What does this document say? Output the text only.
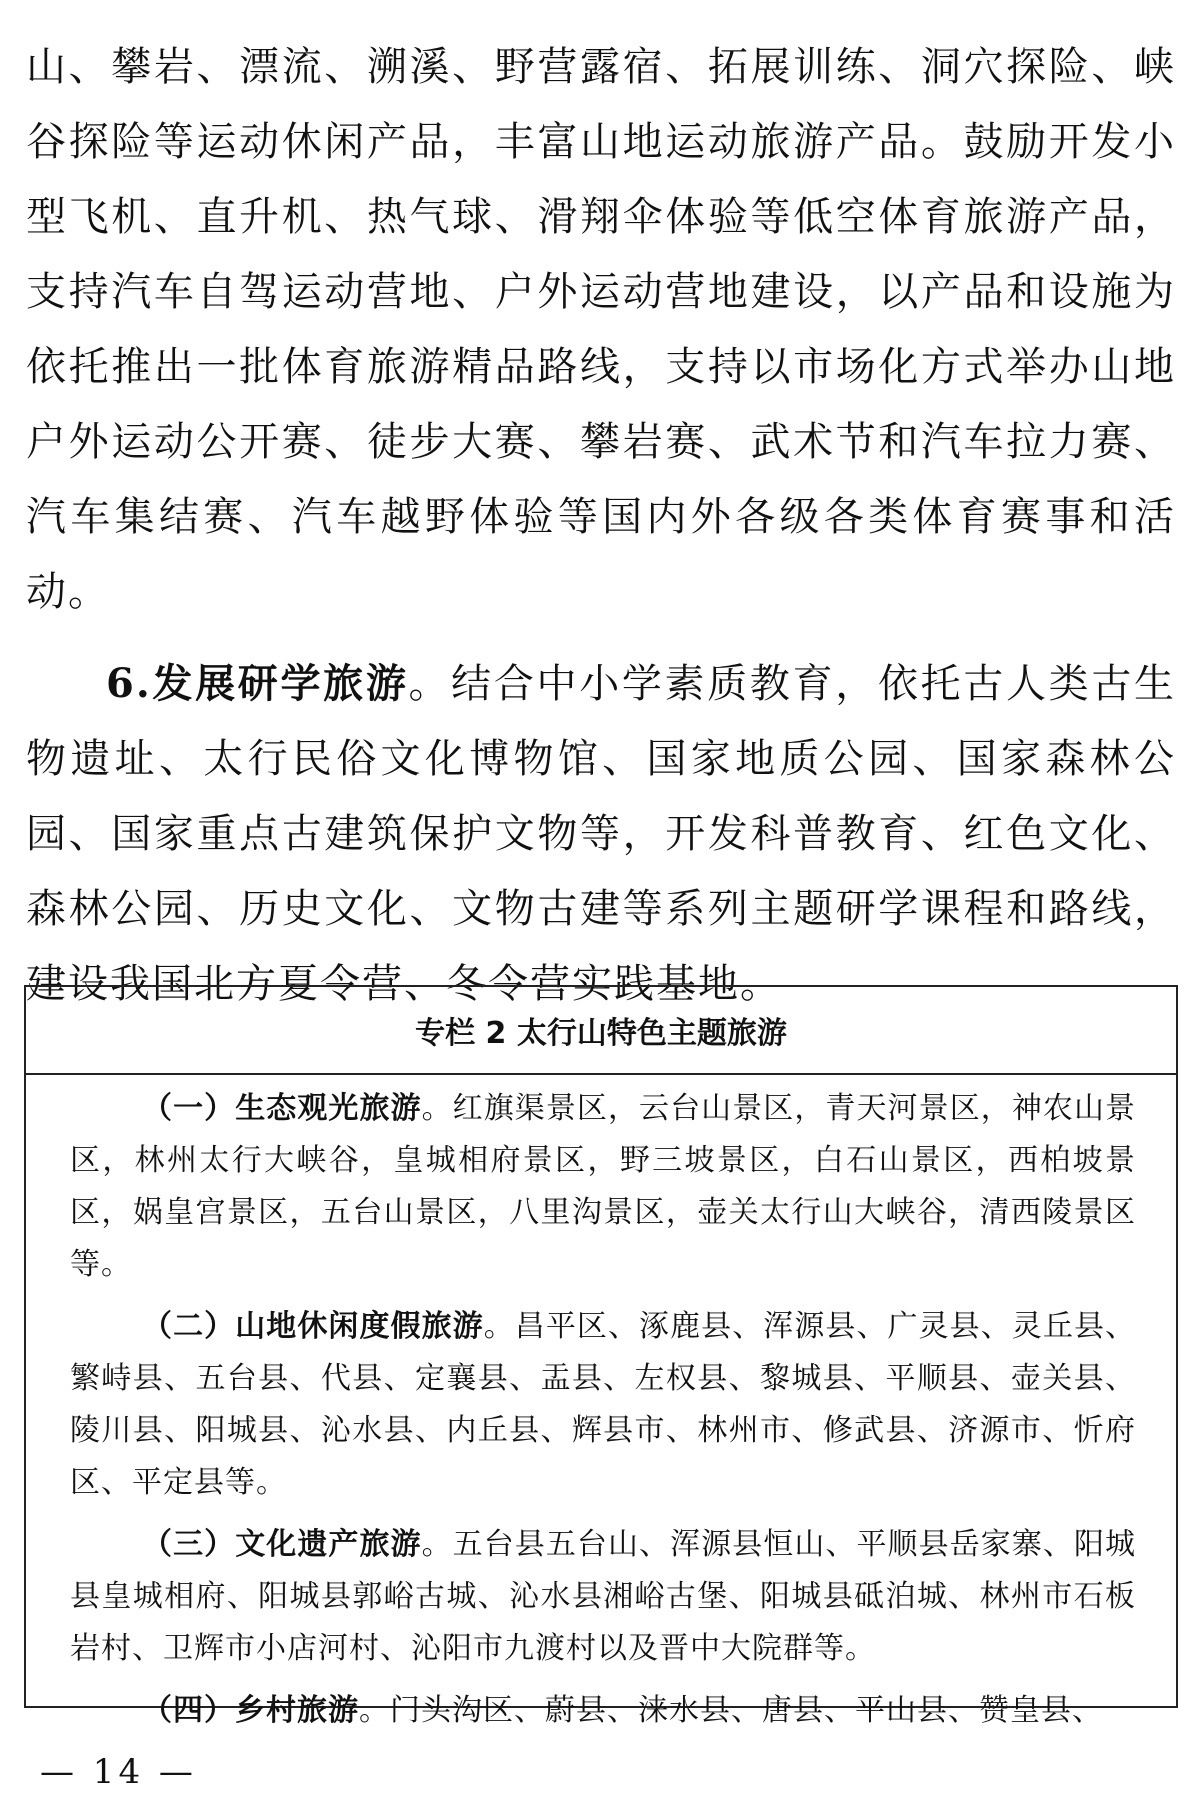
山、攀岩、漂流、溯溪、野营露宿、拓展训练、洞穴探险、峡谷探险等运动休闲产品，丰富山地运动旅游产品。鼓励开发小型飞机、直升机、热气球、滑翔伞体验等低空体育旅游产品，支持汽车自驾运动营地、户外运动营地建设，以产品和设施为依托推出一批体育旅游精品路线，支持以市场化方式举办山地户外运动公开赛、徒步大赛、攀岩赛、武术节和汽车拉力赛、汽车集结赛、汽车越野体验等国内外各级各类体育赛事和活动。

6.发展研学旅游。结合中小学素质教育，依托古人类古生物遗址、太行民俗文化博物馆、国家地质公园、国家森林公园、国家重点古建筑保护文物等，开发科普教育、红色文化、森林公园、历史文化、文物古建等系列主题研学课程和路线，建设我国北方夏令营、冬令营实践基地。

专栏 2 太行山特色主题旅游

（一）生态观光旅游。红旗渠景区，云台山景区，青天河景区，神农山景区，林州太行大峡谷，皇城相府景区，野三坡景区，白石山景区，西柏坡景区，娲皇宫景区，五台山景区，八里沟景区，壶关太行山大峡谷，清西陵景区等。

（二）山地休闲度假旅游。昌平区、涿鹿县、浑源县、广灵县、灵丘县、繁峙县、五台县、代县、定襄县、盂县、左权县、黎城县、平顺县、壶关县、陵川县、阳城县、沁水县、内丘县、辉县市、林州市、修武县、济源市、忻府区、平定县等。

（三）文化遗产旅游。五台县五台山、浑源县恒山、平顺县岳家寨、阳城县皇城相府、阳城县郭峪古城、沁水县湘峪古堡、阳城县砥泊城、林州市石板岩村、卫辉市小店河村、沁阳市九渡村以及晋中大院群等。

（四）乡村旅游。门头沟区、蔚县、涞水县、唐县、平山县、赞皇县、

— 14 —
